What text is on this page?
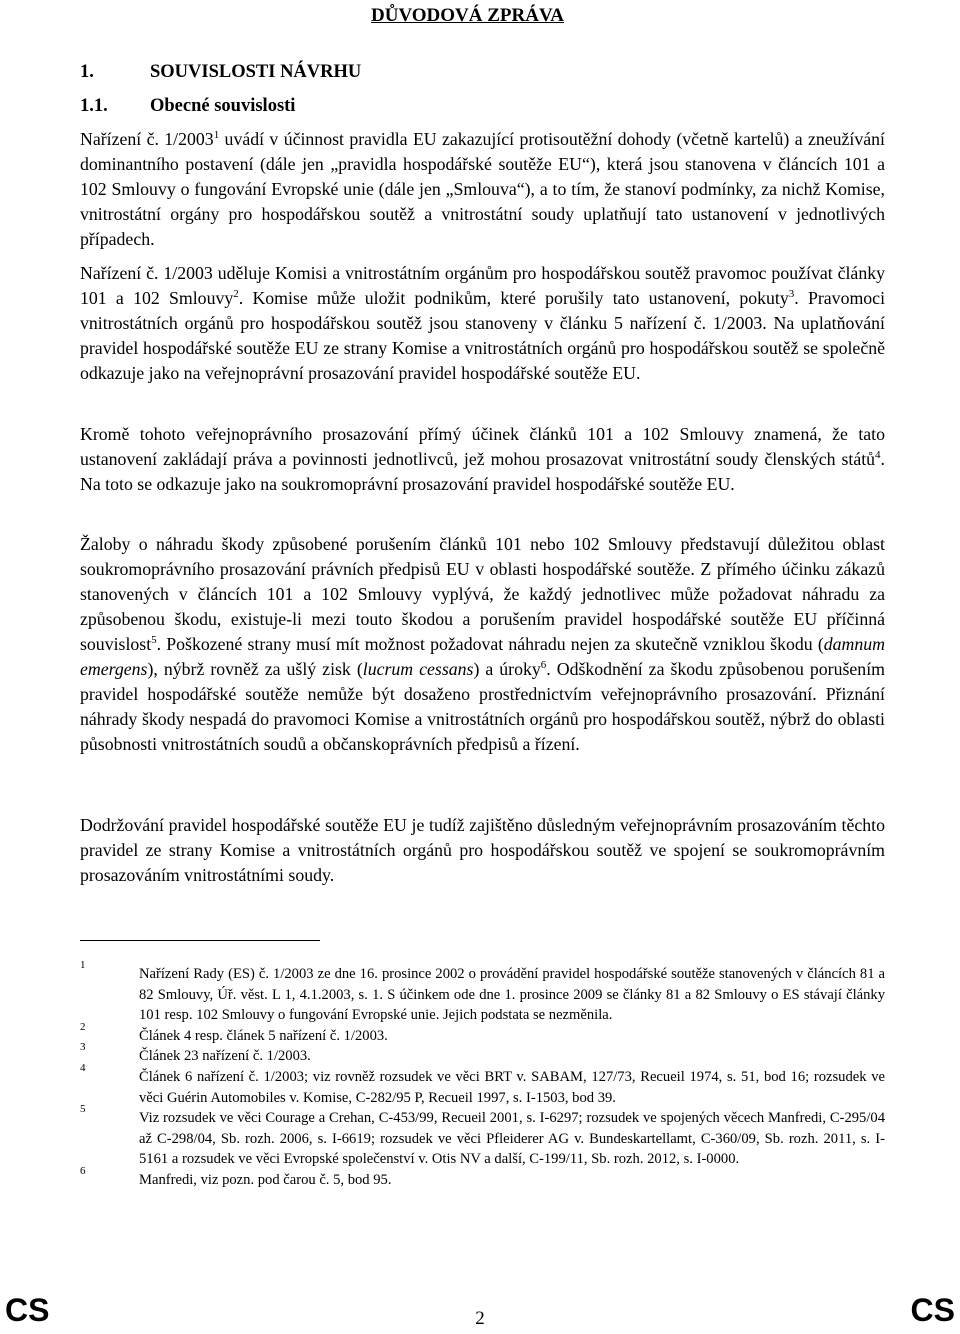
DŮVODOVÁ ZPRÁVA
1.	SOUVISLOSTI NÁVRHU
1.1. Obecné souvislosti

Nařízení č. 1/2003$^1$ uvádí v účinnost pravidla EU zakazující protisoutěžní dohody (včetně kartelů) a zneužívání dominantního postavení (dále jen „pravidla hospodářské soutěže EU“), která jsou stanovena v článcích 101 a 102 Smlouvy o fungování Evropské unie (dále jen „Smlouva“), a to tím, že stanoví podmínky, za nichž Komise, vnitrostátní orgány pro hospodářskou soutěž a vnitrostátní soudy uplatňují tato ustanovení v jednotlivých případech.

Nařízení č. 1/2003 uděluje Komisi a vnitrostátním orgánům pro hospodářskou soutěž pravomoc používat články 101 a 102 Smlouvy$^2$. Komise může uložit podnikům, které porušily tato ustanovení, pokuty$^3$. Pravomoci vnitrostátních orgánů pro hospodářskou soutěž jsou stanoveny v článku 5 nařízení č. 1/2003. Na uplatňování pravidel hospodářské soutěže EU ze strany Komise a vnitrostátních orgánů pro hospodářskou soutěž se společně odkazuje jako na veřejnoprávní prosazování pravidel hospodářské soutěže EU.

Kromě tohoto veřejnoprávního prosazování přímý účinek článků 101 a 102 Smlouvy znamená, že tato ustanovení zakládají práva a povinnosti jednotlivců, jež mohou prosazovat vnitrostátní soudy členských států$^4$. Na toto se odkazuje jako na soukromoprávní prosazování pravidel hospodářské soutěže EU.

Žaloby o náhradu škody způsobené porušením článků 101 nebo 102 Smlouvy představují důležitou oblast soukromoprávního prosazování právních předpisů EU v oblasti hospodářské soutěže. Z přímého účinku zákazů stanovených v článcích 101 a 102 Smlouvy vyplývá, že každý jednotlivec může požadovat náhradu za způsobenou škodu, existuje-li mezi touto škodou a porušením pravidel hospodářské soutěže EU příčinná souvislost$^5$. Poškozené strany musí mít možnost požadovat náhradu nejen za skutečně vzniklou škodu (damnum emergens), nýbrž rovněž za ušlý zisk (lucrum cessans) a úroky$^6$. Odškodnění za škodu způsobenou porušením pravidel hospodářské soutěže nemůže být dosaženo prostřednictvím veřejnoprávního prosazování. Přiznání náhrady škody nespadá do pravomoci Komise a vnitrostátních orgánů pro hospodářskou soutěž, nýbrž do oblasti působnosti vnitrostátních soudů a občanskoprávních předpisů a řízení.

Dodržování pravidel hospodářské soutěže EU je tudíž zajištěno důsledným veřejnoprávním prosazováním těchto pravidel ze strany Komise a vnitrostátních orgánů pro hospodářskou soutěž ve spojení se soukromoprávním prosazováním vnitrostátními soudy.

1
Nařízení Rady (ES) č. 1/2003 ze dne 16. prosince 2002 o provádění pravidel hospodářské soutěže stanovených v článcích 81 a 82 Smlouvy, Úř. věst. L 1, 4.1.2003, s. 1. S účinkem ode dne 1. prosince 2009 se články 81 a 82 Smlouvy o ES stávají články 101 resp. 102 Smlouvy o fungování Evropské unie. Jejich podstata se nezměnila.

2
Článek 4 resp. článek 5 nařízení č. 1/2003.

3
Článek 23 nařízení č. 1/2003.

4
Článek 6 nařízení č. 1/2003; viz rovněž rozsudek ve věci BRT v. SABAM, 127/73, Recueil 1974, s. 51, bod 16; rozsudek ve věci Guérin Automobiles v. Komise, C-282/95 P, Recueil 1997, s. I-1503, bod 39.

5
Viz rozsudek ve věci Courage a Crehan, C-453/99, Recueil 2001, s. I-6297; rozsudek ve spojených věcech Manfredi, C-295/04 až C-298/04, Sb. rozh. 2006, s. I-6619; rozsudek ve věci Pfleiderer AG v. Bundeskartellamt, C-360/09, Sb. rozh. 2011, s. I-5161 a rozsudek ve věci Evropské společenství v. Otis NV a další, C-199/11, Sb. rozh. 2012, s. I-0000.

6
Manfredi, viz pozn. pod čarou č. 5, bod 95.

CS	2	CS
